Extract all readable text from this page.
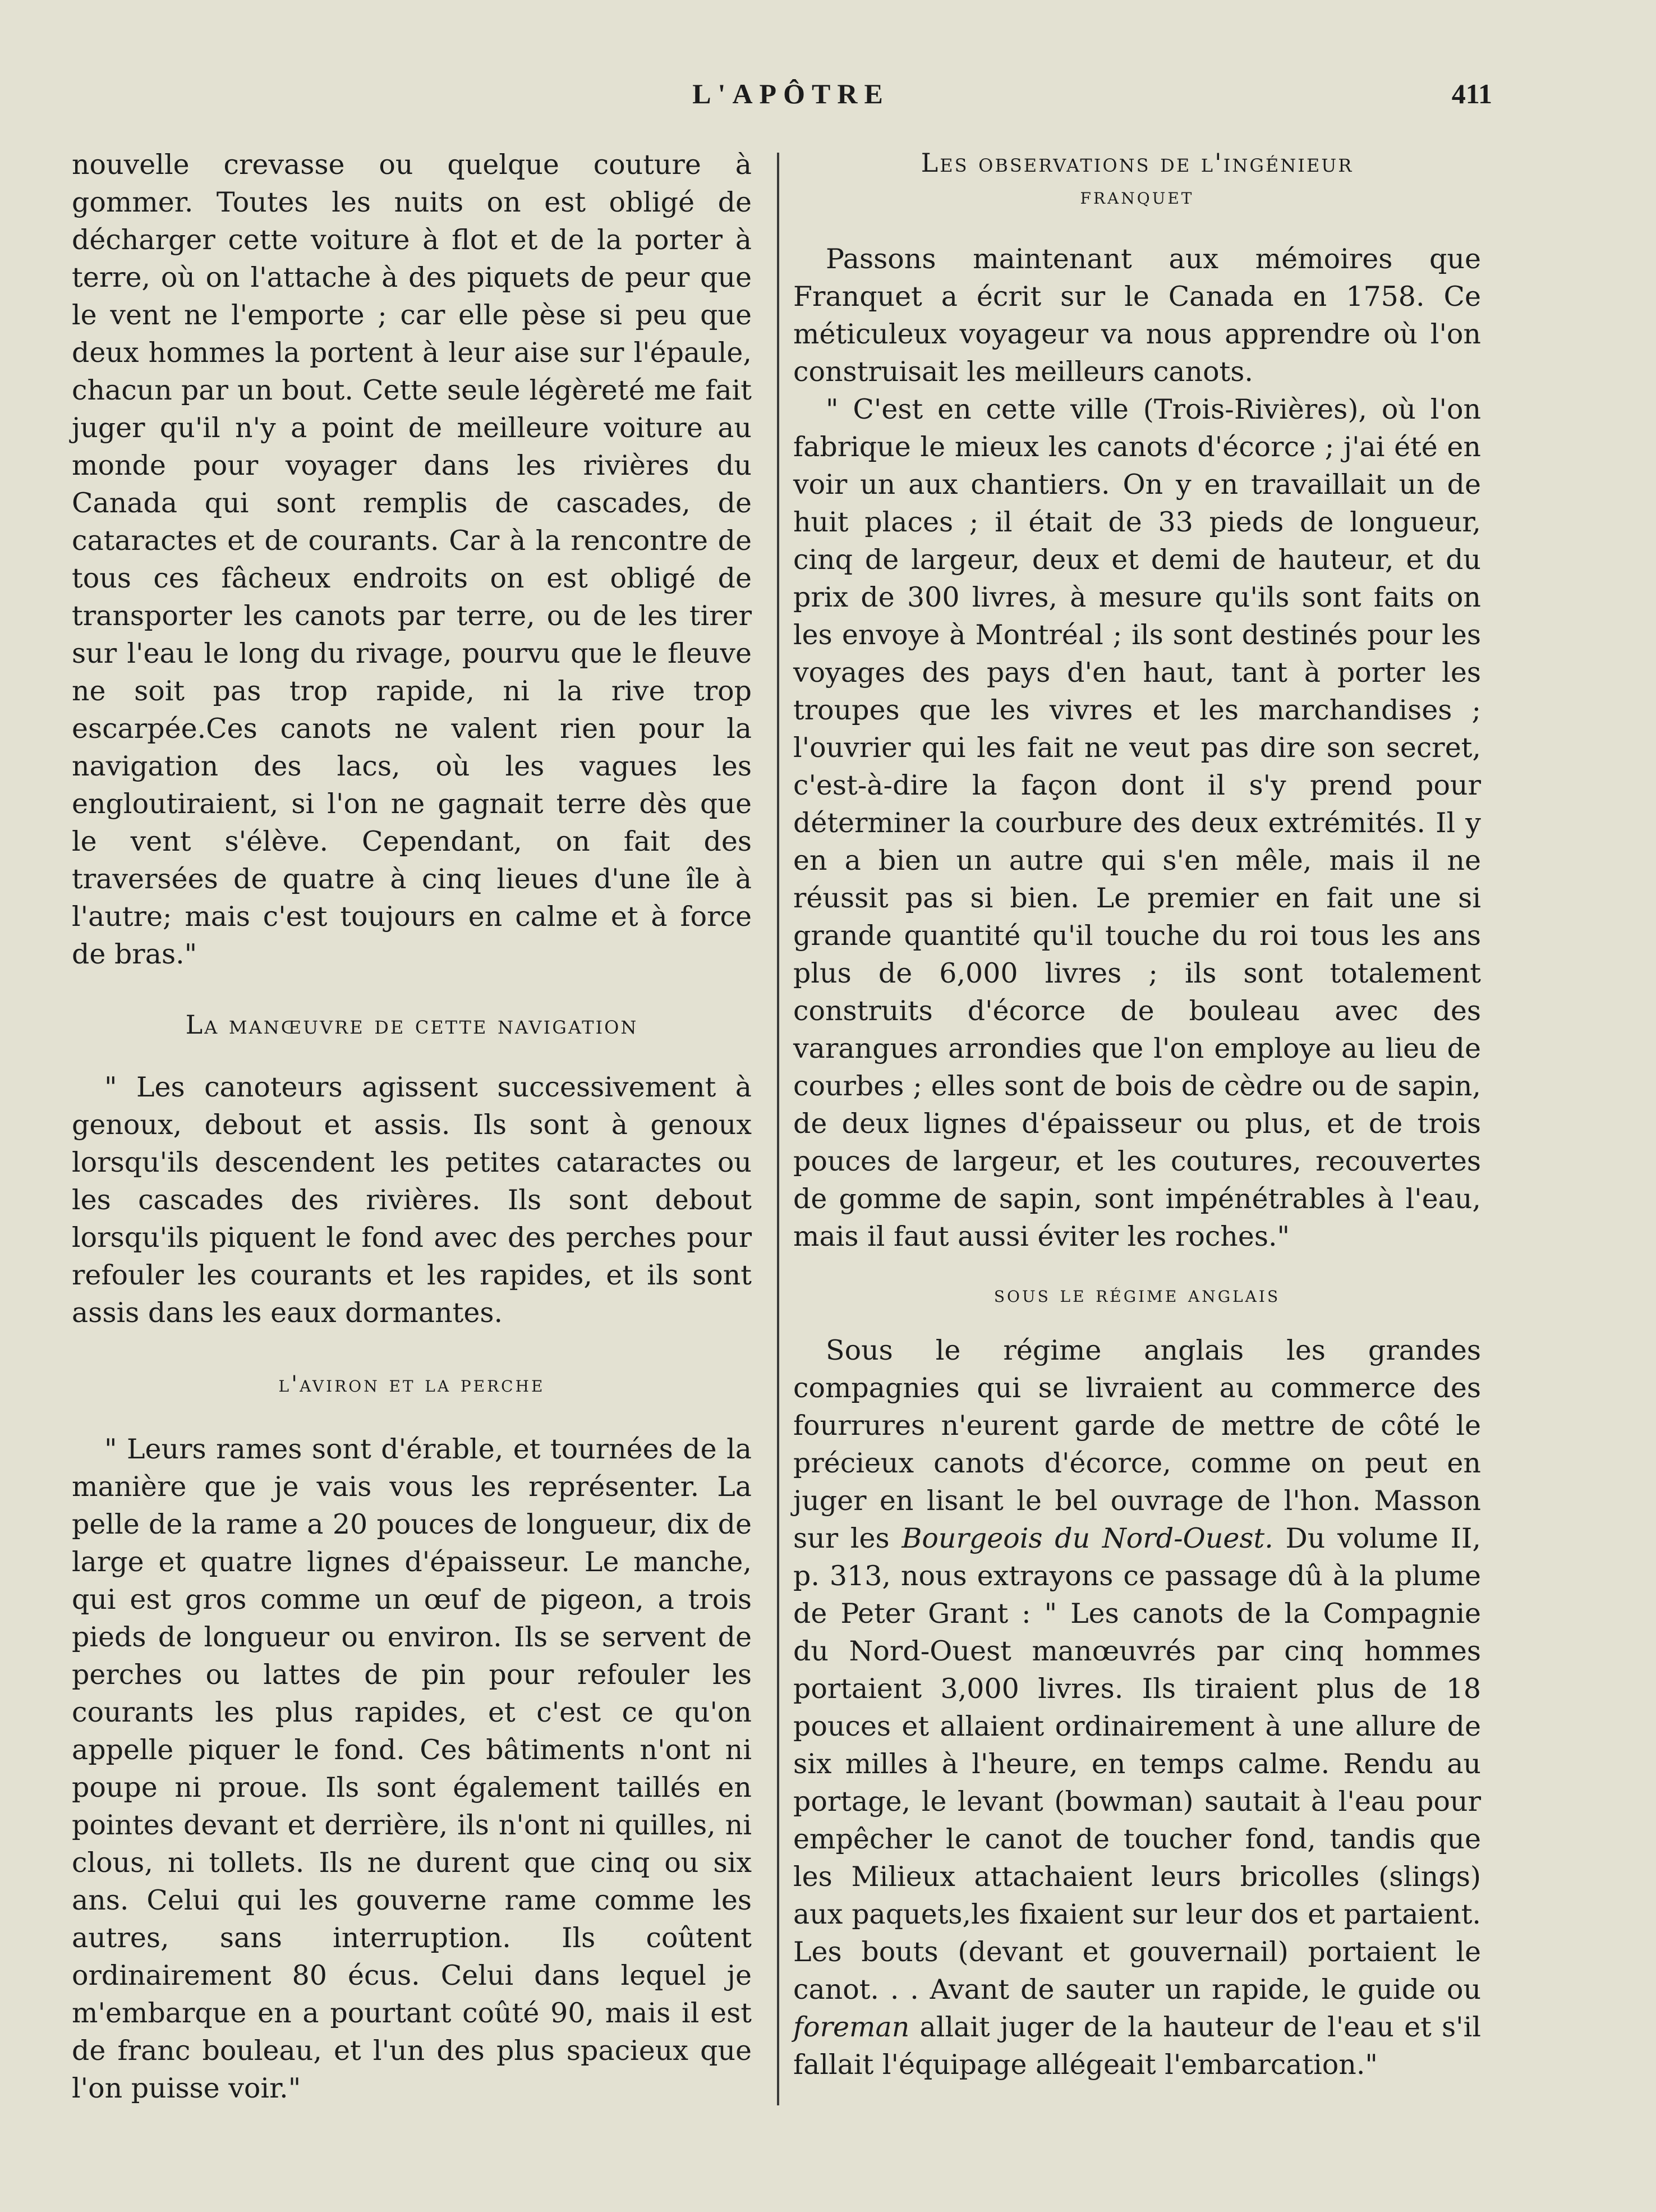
L'APÔTRE	411

nouvelle crevasse ou quelque couture à gommer. Toutes les nuits on est obligé de décharger cette voiture à flot et de la porter à terre, où on l'attache à des piquets de peur que le vent ne l'emporte ; car elle pèse si peu que deux hommes la portent à leur aise sur l'épaule, chacun par un bout. Cette seule légèreté me fait juger qu'il n'y a point de meilleure voiture au monde pour voyager dans les rivières du Canada qui sont remplis de cascades, de cataractes et de courants. Car à la rencontre de tous ces fâcheux endroits on est obligé de transporter les canots par terre, ou de les tirer sur l'eau le long du rivage, pourvu que le fleuve ne soit pas trop rapide, ni la rive trop escarpée.Ces canots ne valent rien pour la navigation des lacs, où les vagues les engloutiraient, si l'on ne gagnait terre dès que le vent s'élève. Cependant, on fait des traversées de quatre à cinq lieues d'une île à l'autre; mais c'est toujours en calme et à force de bras."

La manœuvre de cette navigation

" Les canoteurs agissent successivement à genoux, debout et assis. Ils sont à genoux lorsqu'ils descendent les petites cataractes ou les cascades des rivières. Ils sont debout lorsqu'ils piquent le fond avec des perches pour refouler les courants et les rapides, et ils sont assis dans les eaux dormantes.

l'aviron et la perche

" Leurs rames sont d'érable, et tournées de la manière que je vais vous les représenter. La pelle de la rame a 20 pouces de longueur, dix de large et quatre lignes d'épaisseur. Le manche, qui est gros comme un œuf de pigeon, a trois pieds de longueur ou environ. Ils se servent de perches ou lattes de pin pour refouler les courants les plus rapides, et c'est ce qu'on appelle piquer le fond. Ces bâtiments n'ont ni poupe ni proue. Ils sont également taillés en pointes devant et derrière, ils n'ont ni quilles, ni clous, ni tollets. Ils ne durent que cinq ou six ans. Celui qui les gouverne rame comme les autres, sans interruption. Ils coûtent ordinairement 80 écus. Celui dans lequel je m'embarque en a pourtant coûté 90, mais il est de franc bouleau, et l'un des plus spacieux que l'on puisse voir."

Les observations de l'ingénieur

franquet

Passons maintenant aux mémoires que Franquet a écrit sur le Canada en 1758. Ce méticuleux voyageur va nous apprendre où l'on construisait les meilleurs canots.

" C'est en cette ville (Trois-Rivières), où l'on fabrique le mieux les canots d'écorce ; j'ai été en voir un aux chantiers. On y en travaillait un de huit places ; il était de 33 pieds de longueur, cinq de largeur, deux et demi de hauteur, et du prix de 300 livres, à mesure qu'ils sont faits on les envoye à Montréal ; ils sont destinés pour les voyages des pays d'en haut, tant à porter les troupes que les vivres et les marchandises ; l'ouvrier qui les fait ne veut pas dire son secret, c'est-à-dire la façon dont il s'y prend pour déterminer la courbure des deux extrémités. Il y en a bien un autre qui s'en mêle, mais il ne réussit pas si bien. Le premier en fait une si grande quantité qu'il touche du roi tous les ans plus de 6,000 livres ; ils sont totalement construits d'écorce de bouleau avec des varangues arrondies que l'on employe au lieu de courbes ; elles sont de bois de cèdre ou de sapin, de deux lignes d'épaisseur ou plus, et de trois pouces de largeur, et les coutures, recouvertes de gomme de sapin, sont impénétrables à l'eau, mais il faut aussi éviter les roches."

sous le régime anglais

Sous le régime anglais les grandes compagnies qui se livraient au commerce des fourrures n'eurent garde de mettre de côté le précieux canots d'écorce, comme on peut en juger en lisant le bel ouvrage de l'hon. Masson sur les Bourgeois du Nord-Ouest. Du volume II, p. 313, nous extrayons ce passage dû à la plume de Peter Grant : " Les canots de la Compagnie du Nord-Ouest manœuvrés par cinq hommes portaient 3,000 livres. Ils tiraient plus de 18 pouces et allaient ordinairement à une allure de six milles à l'heure, en temps calme. Rendu au portage, le levant (bowman) sautait à l'eau pour empêcher le canot de toucher fond, tandis que les Milieux attachaient leurs bricolles (slings) aux paquets,les fixaient sur leur dos et partaient. Les bouts (devant et gouvernail) portaient le canot. . . Avant de sauter un rapide, le guide ou foreman allait juger de la hauteur de l'eau et s'il fallait l'équipage allégeait l'embarcation."
